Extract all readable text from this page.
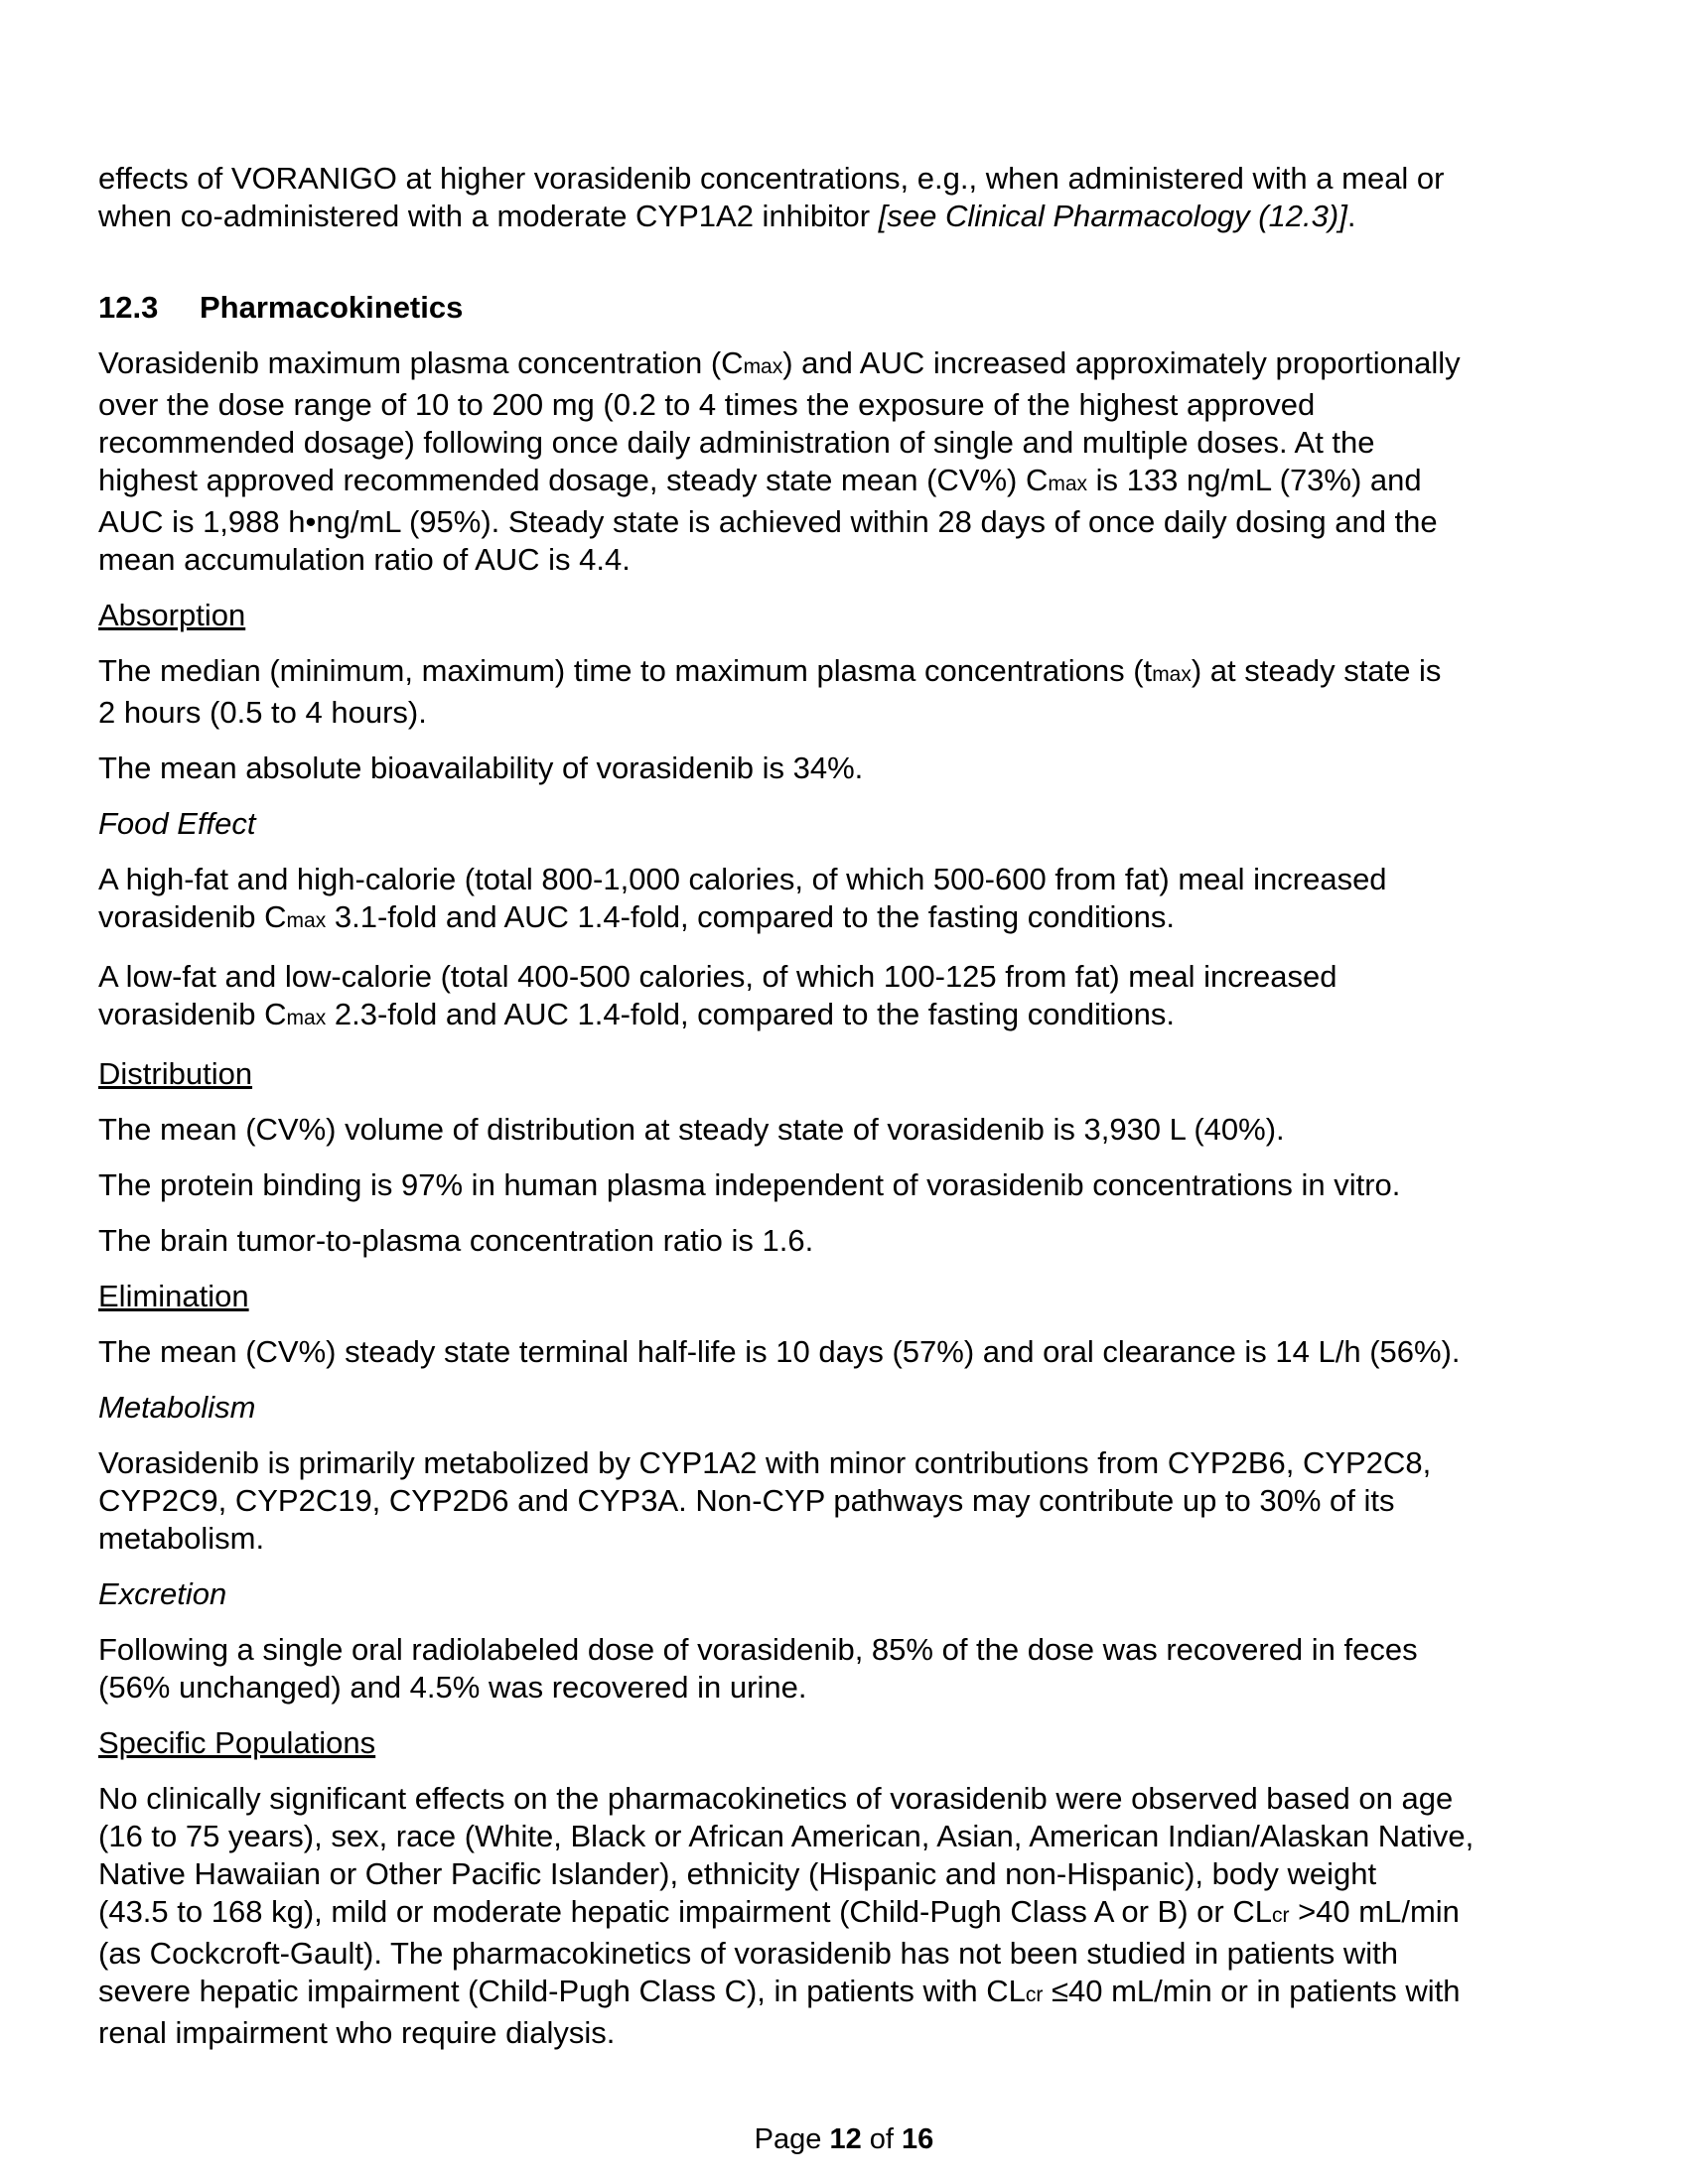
effects of VORANIGO at higher vorasidenib concentrations, e.g., when administered with a meal or
when co-administered with a moderate CYP1A2 inhibitor [see Clinical Pharmacology (12.3)].

12.3 Pharmacokinetics

Vorasidenib maximum plasma concentration (Cmax) and AUC increased approximately proportionally
over the dose range of 10 to 200 mg (0.2 to 4 times the exposure of the highest approved
recommended dosage) following once daily administration of single and multiple doses. At the
highest approved recommended dosage, steady state mean (CV%) Cmax is 133 ng/mL (73%) and
AUC is 1,988 h•ng/mL (95%). Steady state is achieved within 28 days of once daily dosing and the
mean accumulation ratio of AUC is 4.4.

Absorption

The median (minimum, maximum) time to maximum plasma concentrations (tmax) at steady state is
2 hours (0.5 to 4 hours).

The mean absolute bioavailability of vorasidenib is 34%.

Food Effect

A high-fat and high-calorie (total 800-1,000 calories, of which 500-600 from fat) meal increased
vorasidenib Cmax 3.1-fold and AUC 1.4-fold, compared to the fasting conditions.

A low-fat and low-calorie (total 400-500 calories, of which 100-125 from fat) meal increased
vorasidenib Cmax 2.3-fold and AUC 1.4-fold, compared to the fasting conditions.

Distribution

The mean (CV%) volume of distribution at steady state of vorasidenib is 3,930 L (40%).

The protein binding is 97% in human plasma independent of vorasidenib concentrations in vitro.

The brain tumor-to-plasma concentration ratio is 1.6.

Elimination

The mean (CV%) steady state terminal half-life is 10 days (57%) and oral clearance is 14 L/h (56%).

Metabolism

Vorasidenib is primarily metabolized by CYP1A2 with minor contributions from CYP2B6, CYP2C8,
CYP2C9, CYP2C19, CYP2D6 and CYP3A. Non-CYP pathways may contribute up to 30% of its
metabolism.

Excretion

Following a single oral radiolabeled dose of vorasidenib, 85% of the dose was recovered in feces
(56% unchanged) and 4.5% was recovered in urine.

Specific Populations

No clinically significant effects on the pharmacokinetics of vorasidenib were observed based on age
(16 to 75 years), sex, race (White, Black or African American, Asian, American Indian/Alaskan Native,
Native Hawaiian or Other Pacific Islander), ethnicity (Hispanic and non-Hispanic), body weight
(43.5 to 168 kg), mild or moderate hepatic impairment (Child-Pugh Class A or B) or CLcr >40 mL/min
(as Cockcroft-Gault). The pharmacokinetics of vorasidenib has not been studied in patients with
severe hepatic impairment (Child-Pugh Class C), in patients with CLcr ≤40 mL/min or in patients with
renal impairment who require dialysis.

Page 12 of 16
